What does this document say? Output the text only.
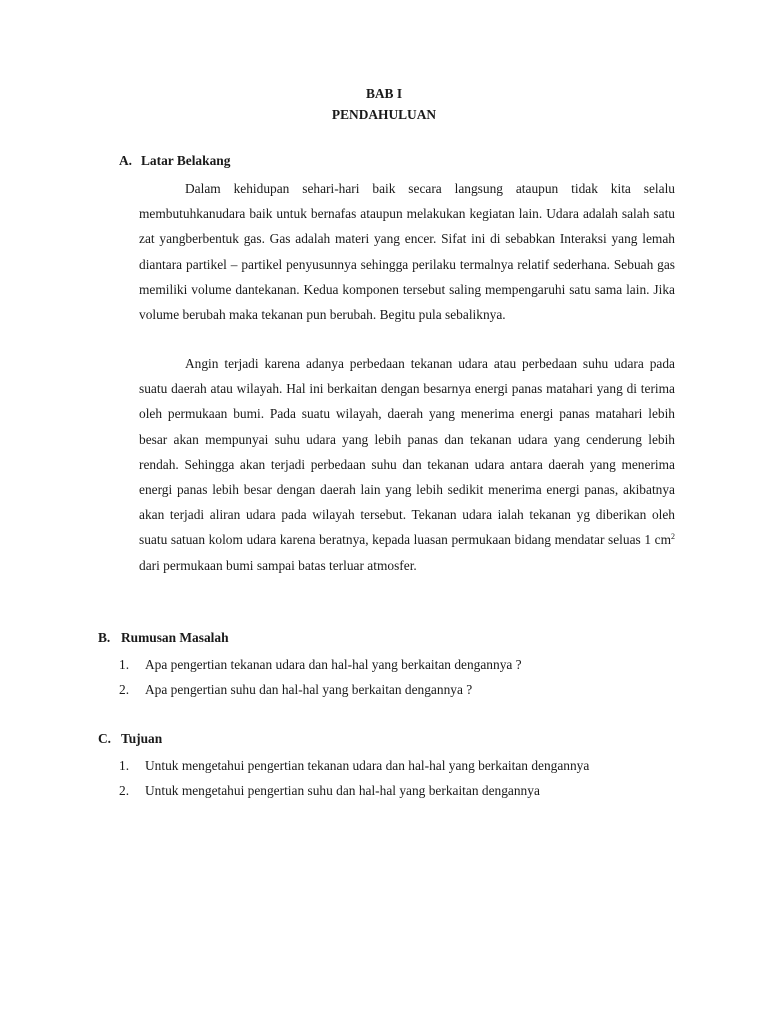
BAB I
PENDAHULUAN
A. Latar Belakang

Dalam kehidupan sehari-hari baik secara langsung ataupun tidak kita selalu membutuhkanudara baik untuk bernafas ataupun melakukan kegiatan lain. Udara adalah salah satu zat yangberbentuk gas. Gas adalah materi yang encer. Sifat ini di sebabkan Interaksi yang lemah diantara partikel – partikel penyusunnya sehingga perilaku termalnya relatif sederhana. Sebuah gas memiliki volume dantekanan. Kedua komponen tersebut saling mempengaruhi satu sama lain. Jika volume berubah maka tekanan pun berubah. Begitu pula sebaliknya.

Angin terjadi karena adanya perbedaan tekanan udara atau perbedaan suhu udara pada suatu daerah atau wilayah. Hal ini berkaitan dengan besarnya energi panas matahari yang di terima oleh permukaan bumi. Pada suatu wilayah, daerah yang menerima energi panas matahari lebih besar akan mempunyai suhu udara yang lebih panas dan tekanan udara yang cenderung lebih rendah. Sehingga akan terjadi perbedaan suhu dan tekanan udara antara daerah yang menerima energi panas lebih besar dengan daerah lain yang lebih sedikit menerima energi panas, akibatnya akan terjadi aliran udara pada wilayah tersebut. Tekanan udara ialah tekanan yg diberikan oleh suatu satuan kolom udara karena beratnya, kepada luasan permukaan bidang mendatar seluas 1 $cm^2$ dari permukaan bumi sampai batas terluar atmosfer.

B. Rumusan Masalah
1. Apa pengertian tekanan udara dan hal-hal yang berkaitan dengannya ?
2. Apa pengertian suhu dan hal-hal yang berkaitan dengannya ?
C. Tujuan
1. Untuk mengetahui pengertian tekanan udara dan hal-hal yang berkaitan dengannya
2. Untuk mengetahui pengertian suhu dan hal-hal yang berkaitan dengannya
